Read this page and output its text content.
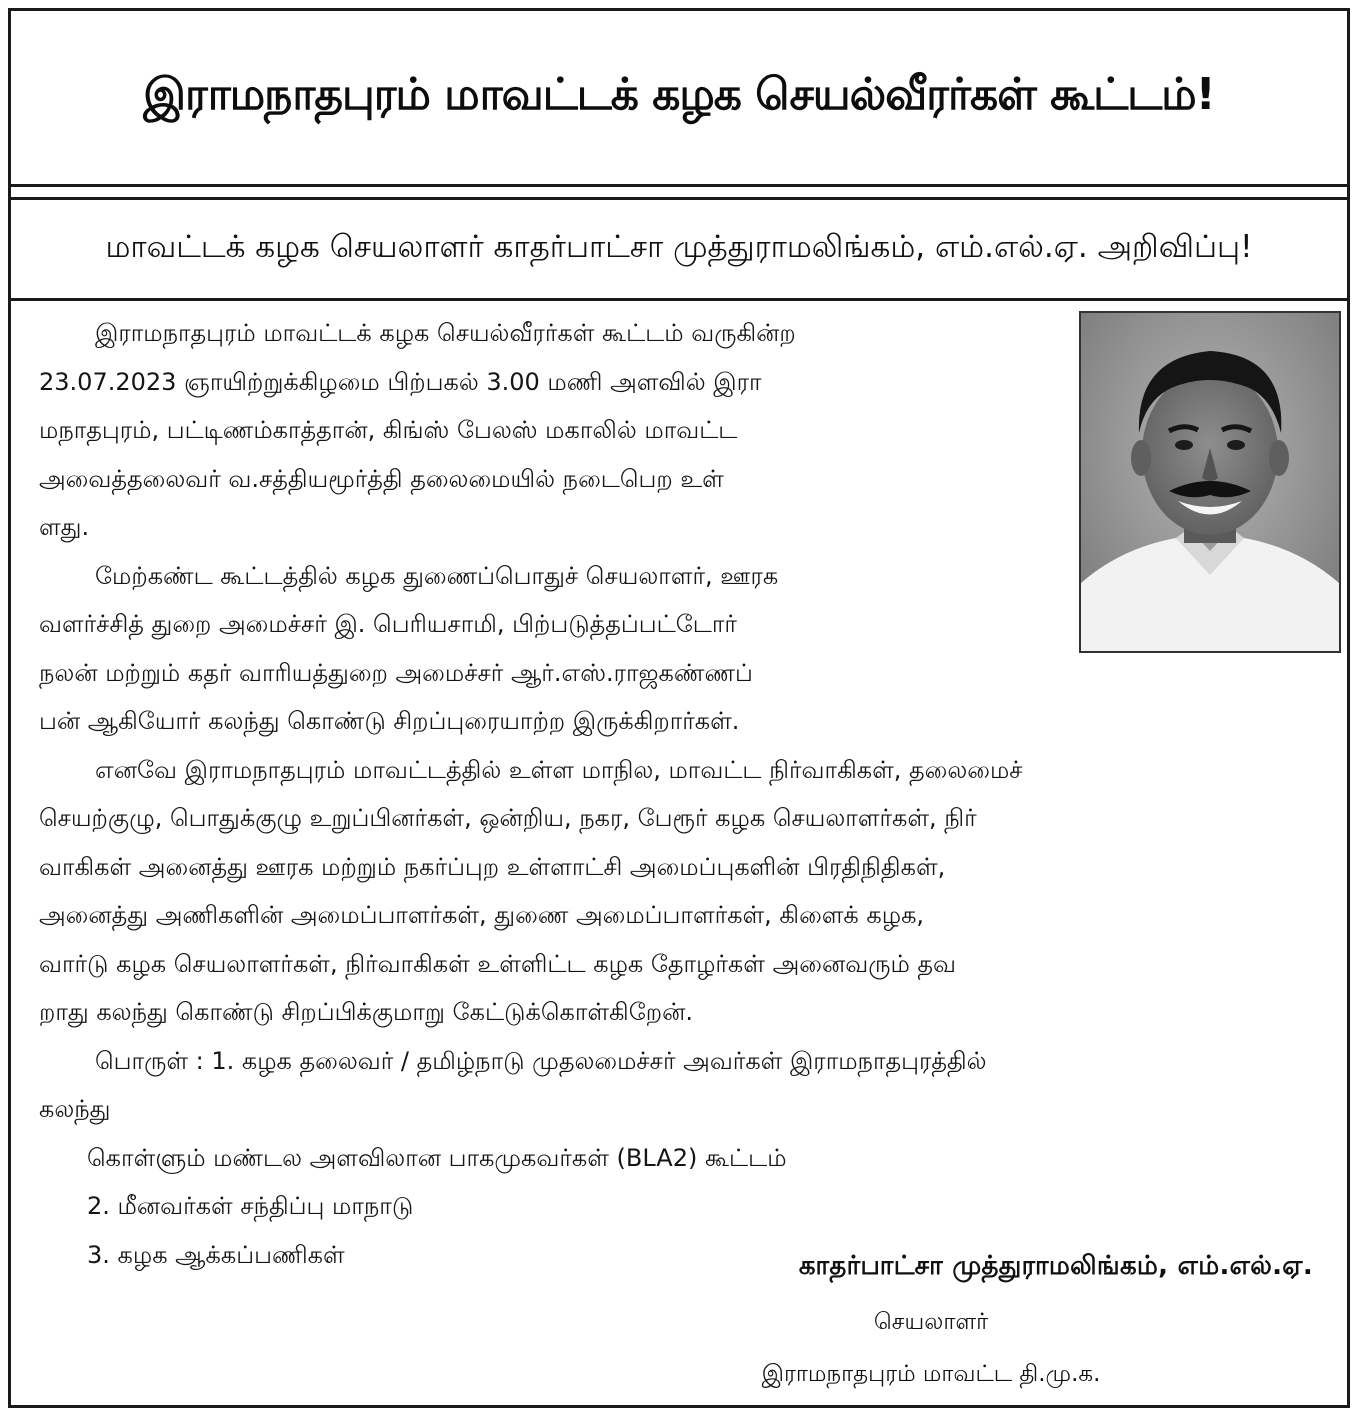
இராமநாதபுரம் மாவட்டக் கழக செயல்வீரர்கள் கூட்டம்!
மாவட்டக் கழக செயலாளர் காதர்பாட்சா முத்துராமலிங்கம், எம்.எல்.ஏ. அறிவிப்பு!

இராமநாதபுரம் மாவட்டக் கழக செயல்வீரர்கள் கூட்டம் வருகின்ற

23.07.2023 ஞாயிற்றுக்கிழமை பிற்பகல் 3.00 மணி அளவில் இரா

மநாதபுரம், பட்டிணம்காத்தான், கிங்ஸ் பேலஸ் மகாலில் மாவட்ட

அவைத்தலைவர் வ.சத்தியமூர்த்தி தலைமையில் நடைபெற உள்

ளது.

மேற்கண்ட கூட்டத்தில் கழக துணைப்பொதுச் செயலாளர், ஊரக

வளர்ச்சித் துறை அமைச்சர் இ. பெரியசாமி, பிற்படுத்தப்பட்டோர்

நலன் மற்றும் கதர் வாரியத்துறை அமைச்சர் ஆர்.எஸ்.ராஜகண்ணப்

பன் ஆகியோர் கலந்து கொண்டு சிறப்புரையாற்ற இருக்கிறார்கள்.

எனவே இராமநாதபுரம் மாவட்டத்தில் உள்ள மாநில, மாவட்ட நிர்வாகிகள், தலைமைச்

செயற்குழு, பொதுக்குழு உறுப்பினர்கள், ஒன்றிய, நகர, பேரூர் கழக செயலாளர்கள், நிர்

வாகிகள் அனைத்து ஊரக மற்றும் நகர்ப்புற உள்ளாட்சி அமைப்புகளின் பிரதிநிதிகள்,

அனைத்து அணிகளின் அமைப்பாளர்கள், துணை அமைப்பாளர்கள், கிளைக் கழக,

வார்டு கழக செயலாளர்கள், நிர்வாகிகள் உள்ளிட்ட கழக தோழர்கள் அனைவரும் தவ

றாது கலந்து கொண்டு சிறப்பிக்குமாறு கேட்டுக்கொள்கிறேன்.

பொருள் : 1. கழக தலைவர் / தமிழ்நாடு முதலமைச்சர் அவர்கள் இராமநாதபுரத்தில்

கலந்து

கொள்ளும் மண்டல அளவிலான பாகமுகவர்கள் (BLA2) கூட்டம்

2. மீனவர்கள் சந்திப்பு மாநாடு

3. கழக ஆக்கப்பணிகள்	காதர்பாட்சா முத்துராமலிங்கம், எம்.எல்.ஏ.
செயலாளர்
இராமநாதபுரம் மாவட்ட தி.மு.க.
